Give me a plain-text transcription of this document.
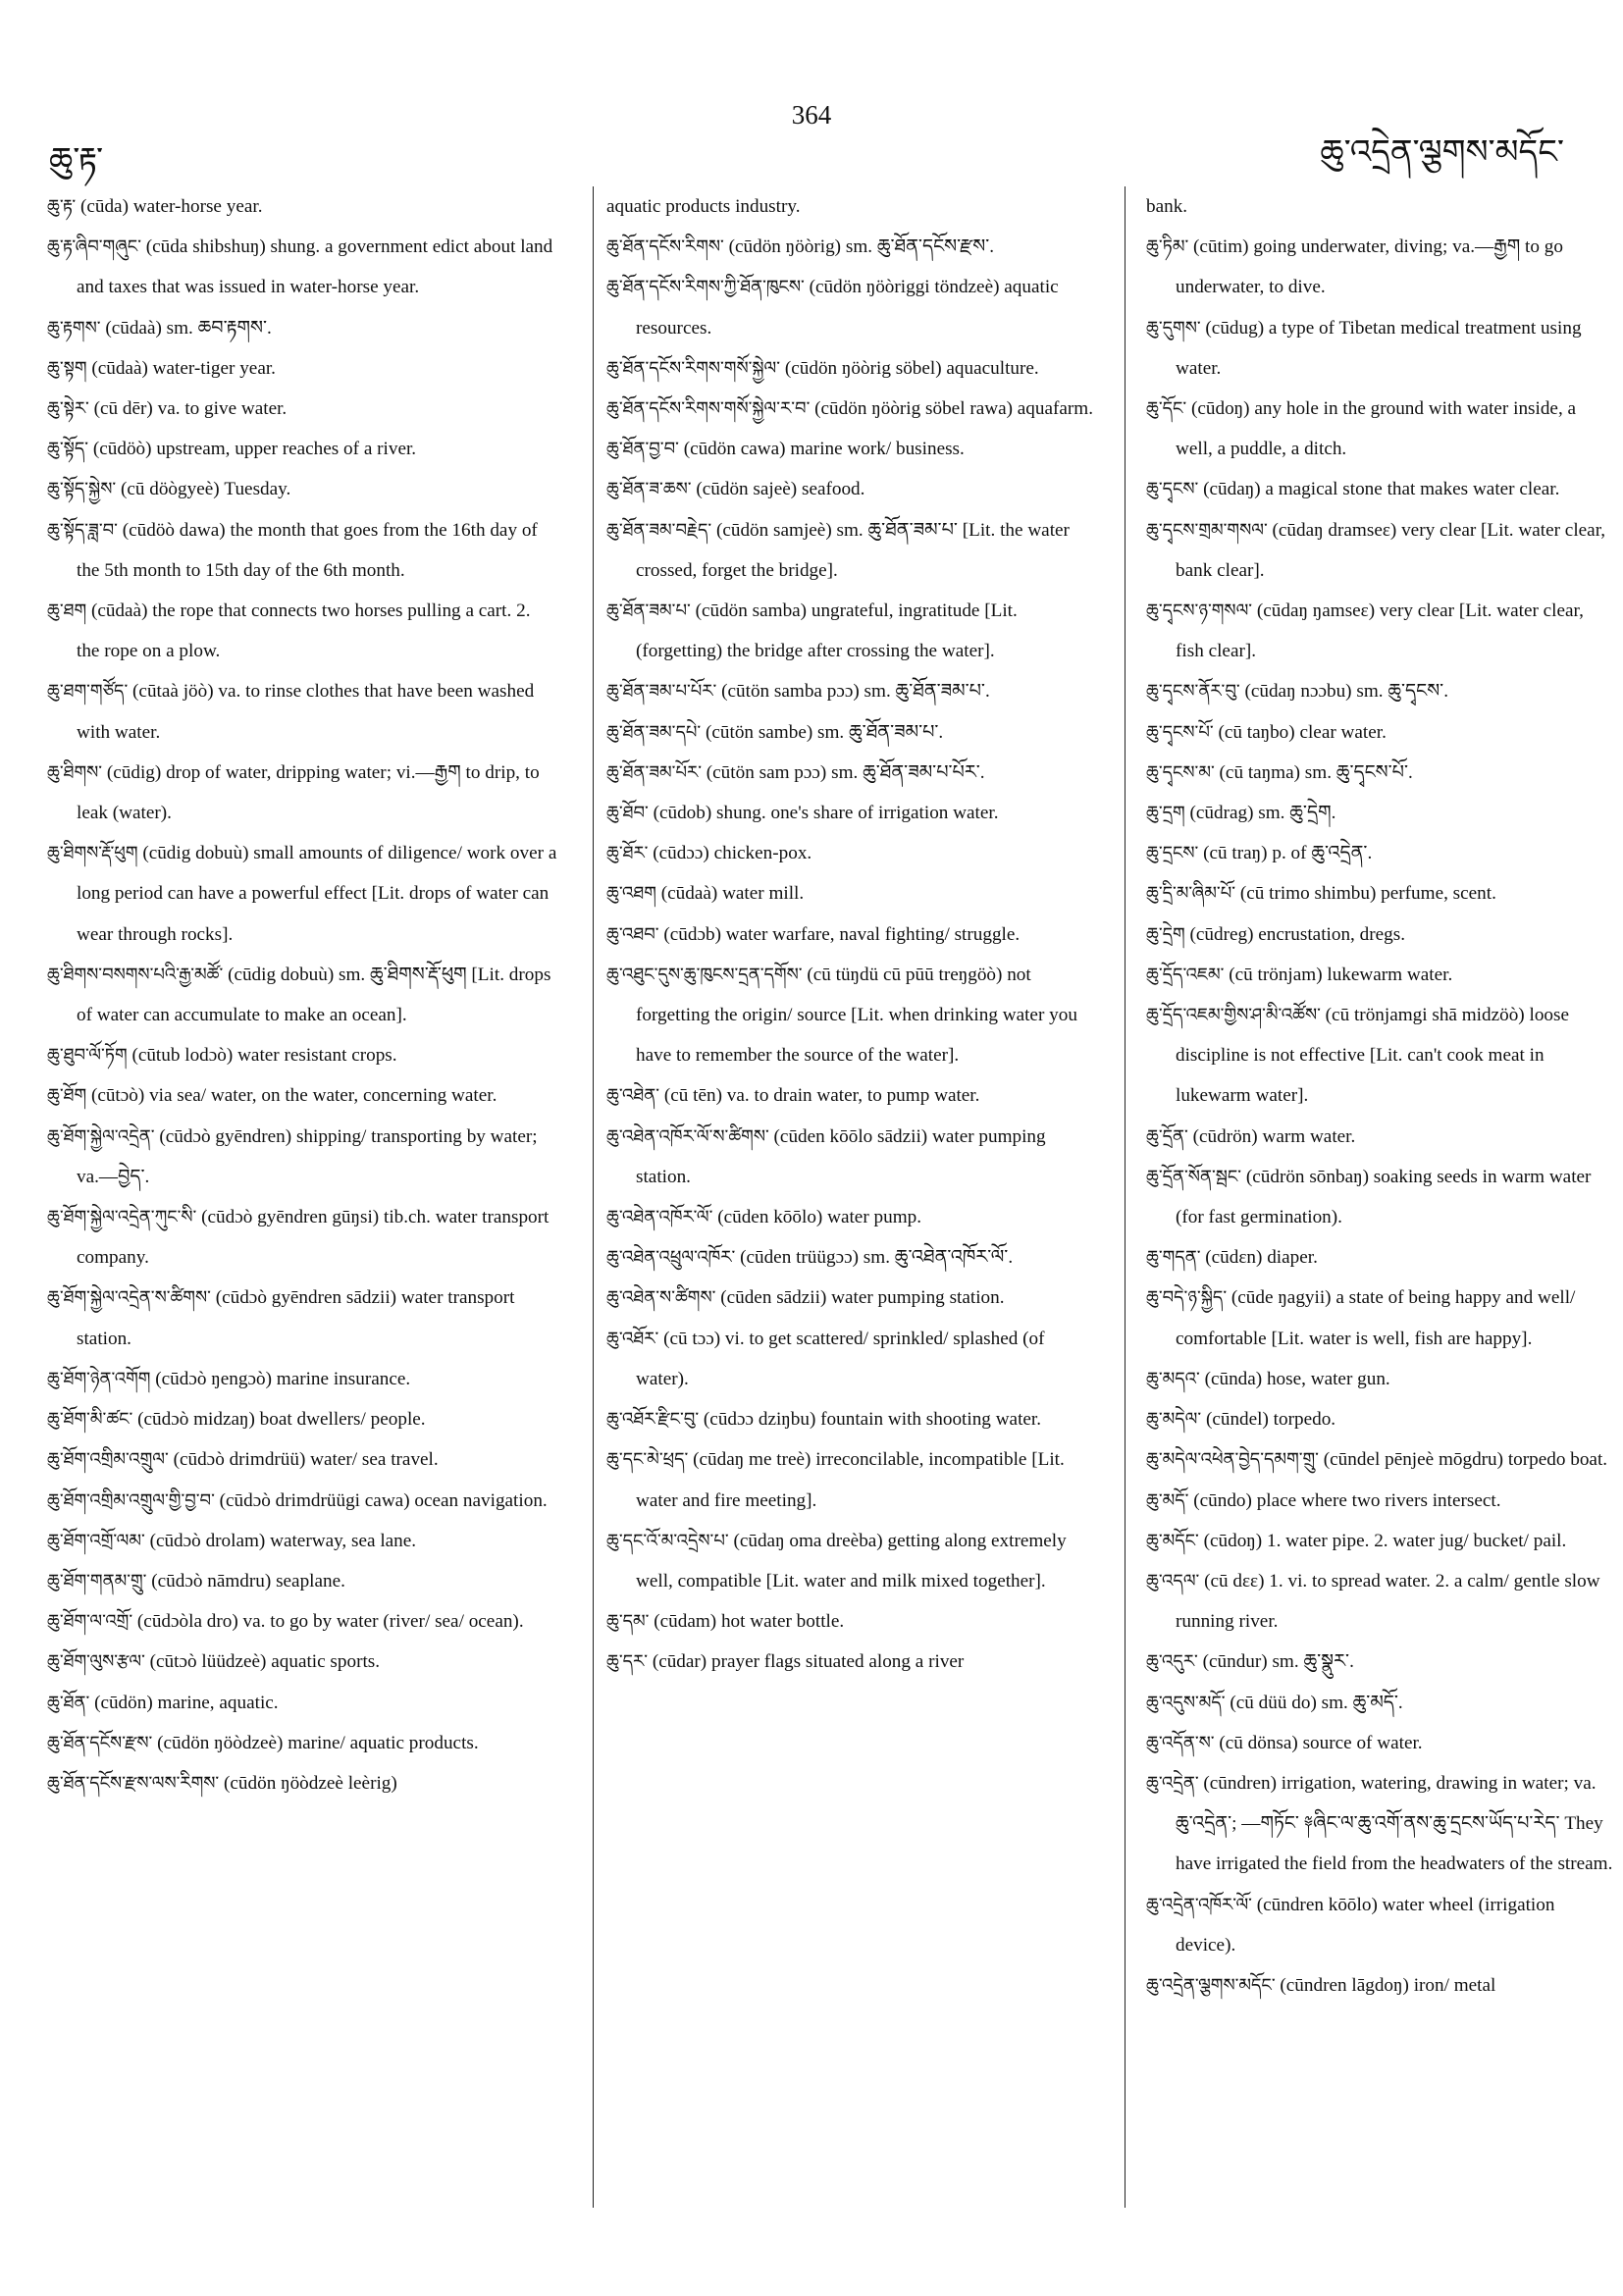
ཆུ་རྟ་
364
ཆུ་འདྲེན་ལྕགས་མདོང་

ཆུ་རྟ་ (cūda) water-horse year.

ཆུ་རྟ་ཞིབ་གཞུང་ (cūda shibshuŋ) shung. a government edict about land and taxes that was issued in water-horse year.

ཆུ་རྟགས་ (cūdaà) sm. ཆབ་རྟགས་.

ཆུ་སྟག (cūdaà) water-tiger year.

ཆུ་སྟེར་ (cū dēr) va. to give water.

ཆུ་སྟོད་ (cūdöò) upstream, upper reaches of a river.

ཆུ་སྟོད་སྐྱེས་ (cū döògyeè) Tuesday.

ཆུ་སྟོད་ཟླ་བ་ (cūdöò dawa) the month that goes from the 16th day of the 5th month to 15th day of the 6th month.

ཆུ་ཐག (cūdaà) the rope that connects two horses pulling a cart. 2. the rope on a plow.

ཆུ་ཐག་གཙོད་ (cūtaà jöò) va. to rinse clothes that have been washed with water.

ཆུ་ཐིགས་ (cūdig) drop of water, dripping water; vi.—རྒྱག to drip, to leak (water).

ཆུ་ཐིགས་རྡོ་ཕུག (cūdig dobuù) small amounts of diligence/ work over a long period can have a powerful effect [Lit. drops of water can wear through rocks].

ཆུ་ཐིགས་བསགས་པའི་རྒྱ་མཚོ་ (cūdig dobuù) sm. ཆུ་ཐིགས་རྡོ་ཕུག [Lit. drops of water can accumulate to make an ocean].

ཆུ་ཐུབ་ལོ་ཏོག (cūtub lodɔò) water resistant crops.

ཆུ་ཐོག (cūtɔò) via sea/ water, on the water, concerning water.

ཆུ་ཐོག་སྐྱེལ་འདྲེན་ (cūdɔò gyēndren) shipping/ transporting by water; va.—བྱེད་.

ཆུ་ཐོག་སྐྱེལ་འདྲེན་ཀུང་སི་ (cūdɔò gyēndren gūŋsi) tib.ch. water transport company.

ཆུ་ཐོག་སྐྱེལ་འདྲེན་ས་ཚིགས་ (cūdɔò gyēndren sādzii) water transport station.

ཆུ་ཐོག་ཉེན་འགོག (cūdɔò ŋengɔò) marine insurance.

ཆུ་ཐོག་མི་ཚང་ (cūdɔò midzaŋ) boat dwellers/ people.

ཆུ་ཐོག་འགྲིམ་འགྲུལ་ (cūdɔò drimdrüü) water/ sea travel.

ཆུ་ཐོག་འགྲིམ་འགྲུལ་གྱི་བྱ་བ་ (cūdɔò drimdrüügi cawa) ocean navigation.

ཆུ་ཐོག་འགྲོ་ལམ་ (cūdɔò drolam) waterway, sea lane.

ཆུ་ཐོག་གནམ་གྲུ་ (cūdɔò nāmdru) seaplane.

ཆུ་ཐོག་ལ་འགྲོ་ (cūdɔòla dro) va. to go by water (river/ sea/ ocean).

ཆུ་ཐོག་ལུས་རྩལ་ (cūtɔò lüüdzeè) aquatic sports.

ཆུ་ཐོན་ (cūdön) marine, aquatic.

ཆུ་ཐོན་དངོས་རྫས་ (cūdön ŋöòdzeè) marine/ aquatic products.

ཆུ་ཐོན་དངོས་རྫས་ལས་རིགས་ (cūdön ŋöòdzeè leèrig)

aquatic products industry.

ཆུ་ཐོན་དངོས་རིགས་ (cūdön ŋöòrig) sm. ཆུ་ཐོན་དངོས་རྫས་.

ཆུ་ཐོན་དངོས་རིགས་ཀྱི་ཐོན་ཁུངས་ (cūdön ŋöòriggi töndzeè) aquatic resources.

ཆུ་ཐོན་དངོས་རིགས་གསོ་སྐྱེལ་ (cūdön ŋöòrig söbel) aquaculture.

ཆུ་ཐོན་དངོས་རིགས་གསོ་སྐྱེལ་ར་བ་ (cūdön ŋöòrig söbel rawa) aquafarm.

ཆུ་ཐོན་བྱ་བ་ (cūdön cawa) marine work/ business.

ཆུ་ཐོན་ཟ་ཆས་ (cūdön sajeè) seafood.

ཆུ་ཐོན་ཟམ་བརྗེད་ (cūdön samjeè) sm. ཆུ་ཐོན་ཟམ་པ་ [Lit. the water crossed, forget the bridge].

ཆུ་ཐོན་ཟམ་པ་ (cūdön samba) ungrateful, ingratitude [Lit. (forgetting) the bridge after crossing the water].

ཆུ་ཐོན་ཟམ་པ་པོར་ (cūtön samba pɔɔ) sm. ཆུ་ཐོན་ཟམ་པ་.

ཆུ་ཐོན་ཟམ་དཔེ་ (cūtön sambe) sm. ཆུ་ཐོན་ཟམ་པ་.

ཆུ་ཐོན་ཟམ་པོར་ (cūtön sam pɔɔ) sm. ཆུ་ཐོན་ཟམ་པ་པོར་.

ཆུ་ཐོབ་ (cūdob) shung. one's share of irrigation water.

ཆུ་ཐོར་ (cūdɔɔ) chicken-pox.

ཆུ་འཐག (cūdaà) water mill.

ཆུ་འཐབ་ (cūdɔb) water warfare, naval fighting/ struggle.

ཆུ་འཐུང་དུས་ཆུ་ཁུངས་དྲན་དགོས་ (cū tüŋdü cū pūū treŋgöò) not forgetting the origin/ source [Lit. when drinking water you have to remember the source of the water].

ཆུ་འཐེན་ (cū tēn) va. to drain water, to pump water.

ཆུ་འཐེན་འཁོར་ལོ་ས་ཚིགས་ (cūden kōōlo sādzii) water pumping station.

ཆུ་འཐེན་འཁོར་ལོ་ (cūden kōōlo) water pump.

ཆུ་འཐེན་འཕྲུལ་འཁོར་ (cūden trüügɔɔ) sm. ཆུ་འཐེན་འཁོར་ལོ་.

ཆུ་འཐེན་ས་ཚིགས་ (cūden sādzii) water pumping station.

ཆུ་འཐོར་ (cū tɔɔ) vi. to get scattered/ sprinkled/ splashed (of water).

ཆུ་འཐོར་རྫིང་བུ་ (cūdɔɔ dziŋbu) fountain with shooting water.

ཆུ་དང་མེ་ཕྲད་ (cūdaŋ me treè) irreconcilable, incompatible [Lit. water and fire meeting].

ཆུ་དང་འོ་མ་འདྲེས་པ་ (cūdaŋ oma dreèba) getting along extremely well, compatible [Lit. water and milk mixed together].

ཆུ་དམ་ (cūdam) hot water bottle.

ཆུ་དར་ (cūdar) prayer flags situated along a river

bank.

ཆུ་ཏིམ་ (cūtim) going underwater, diving; va.—རྒྱག to go underwater, to dive.

ཆུ་དུགས་ (cūdug) a type of Tibetan medical treatment using water.

ཆུ་དོང་ (cūdoŋ) any hole in the ground with water inside, a well, a puddle, a ditch.

ཆུ་དྭངས་ (cūdaŋ) a magical stone that makes water clear.

ཆུ་དྭངས་གྲམ་གསལ་ (cūdaŋ dramseɛ) very clear [Lit. water clear, bank clear].

ཆུ་དྭངས་ཉ་གསལ་ (cūdaŋ ŋamseɛ) very clear [Lit. water clear, fish clear].

ཆུ་དྭངས་ནོར་བུ་ (cūdaŋ nɔɔbu) sm. ཆུ་དྭངས་.

ཆུ་དྭངས་པོ་ (cū taŋbo) clear water.

ཆུ་དྭངས་མ་ (cū taŋma) sm. ཆུ་དྭངས་པོ་.

ཆུ་དྲག (cūdrag) sm. ཆུ་དྲེག.

ཆུ་དྲངས་ (cū traŋ) p. of ཆུ་འདྲེན་.

ཆུ་དྲི་མ་ཞིམ་པོ་ (cū trimo shimbu) perfume, scent.

ཆུ་དྲེག (cūdreg) encrustation, dregs.

ཆུ་དྲོད་འཇམ་ (cū trönjam) lukewarm water.

ཆུ་དྲོད་འཇམ་གྱིས་ཤ་མི་འཚོས་ (cū trönjamgi shā midzöò) loose discipline is not effective [Lit. can't cook meat in lukewarm water].

ཆུ་དྲོན་ (cūdrön) warm water.

ཆུ་དྲོན་སོན་སྦང་ (cūdrön sōnbaŋ) soaking seeds in warm water (for fast germination).

ཆུ་གདན་ (cūdɛn) diaper.

ཆུ་བདེ་ཉ་སྐྱིད་ (cūde ŋagyii) a state of being happy and well/ comfortable [Lit. water is well, fish are happy].

ཆུ་མདའ་ (cūnda) hose, water gun.

ཆུ་མདེལ་ (cūndel) torpedo.

ཆུ་མདེལ་འཕེན་བྱེད་དམག་གྲུ་ (cūndel pēnjeè mōgdru) torpedo boat.

ཆུ་མདོ་ (cūndo) place where two rivers intersect.

ཆུ་མདོང་ (cūdoŋ) 1. water pipe. 2. water jug/ bucket/ pail.

ཆུ་འདལ་ (cū dɛɛ) 1. vi. to spread water. 2. a calm/ gentle slow running river.

ཆུ་འདུར་ (cūndur) sm. ཆུ་སྣུར་.

ཆུ་འདུས་མདོ་ (cū düü do) sm. ཆུ་མདོ་.

ཆུ་འདོན་ས་ (cū dönsa) source of water.

ཆུ་འདྲེན་ (cūndren) irrigation, watering, drawing in water; va. ཆུ་འདྲེན་; —གཏོང་ ༈ཞིང་ལ་ཆུ་འགོ་ནས་ཆུ་དྲངས་ཡོད་པ་རེད་ They have irrigated the field from the headwaters of the stream.

ཆུ་འདྲེན་འཁོར་ལོ་ (cūndren kōōlo) water wheel (irrigation device).

ཆུ་འདྲེན་ལྕགས་མདོང་ (cūndren lāgdoŋ) iron/ metal
